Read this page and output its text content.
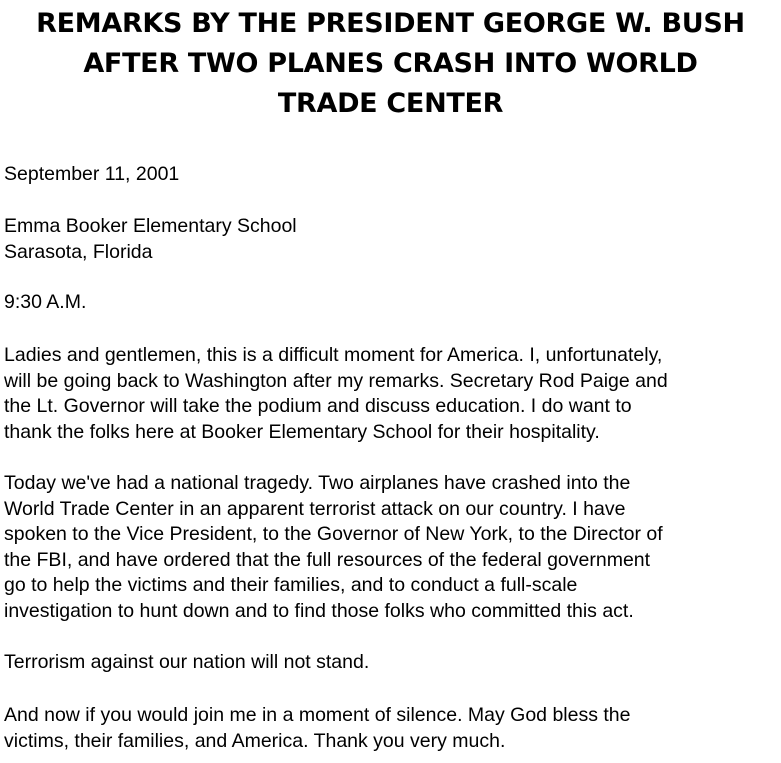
REMARKS BY THE PRESIDENT GEORGE W. BUSH
AFTER TWO PLANES CRASH INTO WORLD
TRADE CENTER

September 11, 2001

Emma Booker Elementary School
Sarasota, Florida

9:30 A.M.

Ladies and gentlemen, this is a difficult moment for America. I, unfortunately,
will be going back to Washington after my remarks. Secretary Rod Paige and
the Lt. Governor will take the podium and discuss education. I do want to
thank the folks here at Booker Elementary School for their hospitality.

Today we've had a national tragedy. Two airplanes have crashed into the
World Trade Center in an apparent terrorist attack on our country. I have
spoken to the Vice President, to the Governor of New York, to the Director of
the FBI, and have ordered that the full resources of the federal government
go to help the victims and their families, and to conduct a full-scale
investigation to hunt down and to find those folks who committed this act.

Terrorism against our nation will not stand.

And now if you would join me in a moment of silence. May God bless the
victims, their families, and America. Thank you very much.
